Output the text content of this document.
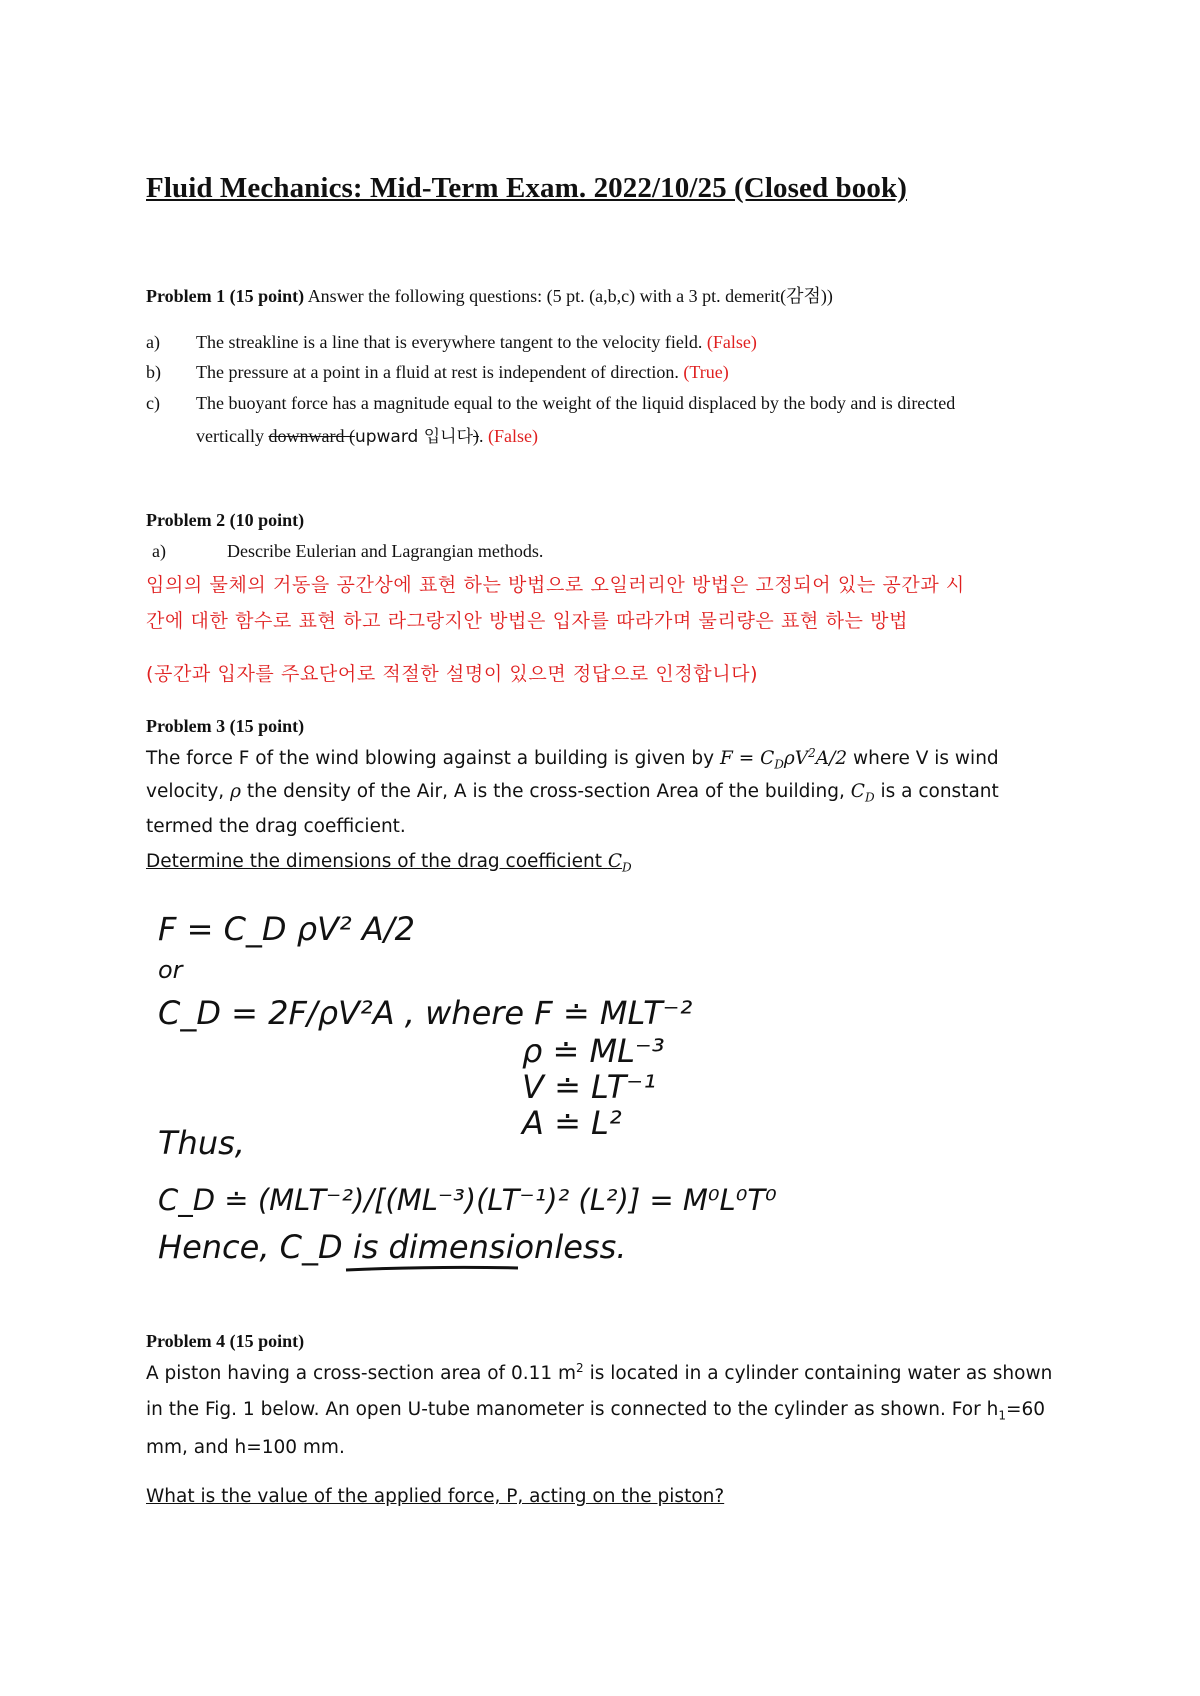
Fluid Mechanics: Mid-Term Exam. 2022/10/25 (Closed book)
Problem 1 (15 point) Answer the following questions: (5 pt. (a,b,c) with a 3 pt. demerit(감점))
a) The streakline is a line that is everywhere tangent to the velocity field. (False)
b) The pressure at a point in a fluid at rest is independent of direction. (True)
c) The buoyant force has a magnitude equal to the weight of the liquid displaced by the body and is directed
vertically downward (upward 입니다). (False)
Problem 2 (10 point)
a)	Describe Eulerian and Lagrangian methods.
임의의 물체의 거동을 공간상에 표현 하는 방법으로 오일러리안 방법은 고정되어 있는 공간과 시
간에 대한 함수로 표현 하고 라그랑지안 방법은 입자를 따라가며 물리량은 표현 하는 방법
(공간과 입자를 주요단어로 적절한 설명이 있으면 정답으로 인정합니다)
Problem 3 (15 point)
The force F of the wind blowing against a building is given by $F = C_D\rho V^2A/2$ where V is wind
velocity, ρ the density of the Air, A is the cross-section Area of the building, $C_D$ is a constant
termed the drag coefficient.
Determine the dimensions of the drag coefficient $C_D$
F = C_D ρV² A/2
or
C_D = 2F/ρV²A , where F ≐ MLT⁻²
ρ ≐ ML⁻³
V ≐ LT⁻¹
A ≐ L²
Thus,
C_D ≐ (MLT⁻²)/[(ML⁻³)(LT⁻¹)² (L²)] = M⁰L⁰T⁰
Hence, C_D is dimensionless.
Problem 4 (15 point)
A piston having a cross-section area of 0.11 $m^2$ is located in a cylinder containing water as shown
in the Fig. 1 below. An open U-tube manometer is connected to the cylinder as shown. For $h_1=60$
mm, and h=100 mm.
What is the value of the applied force, P, acting on the piston?
